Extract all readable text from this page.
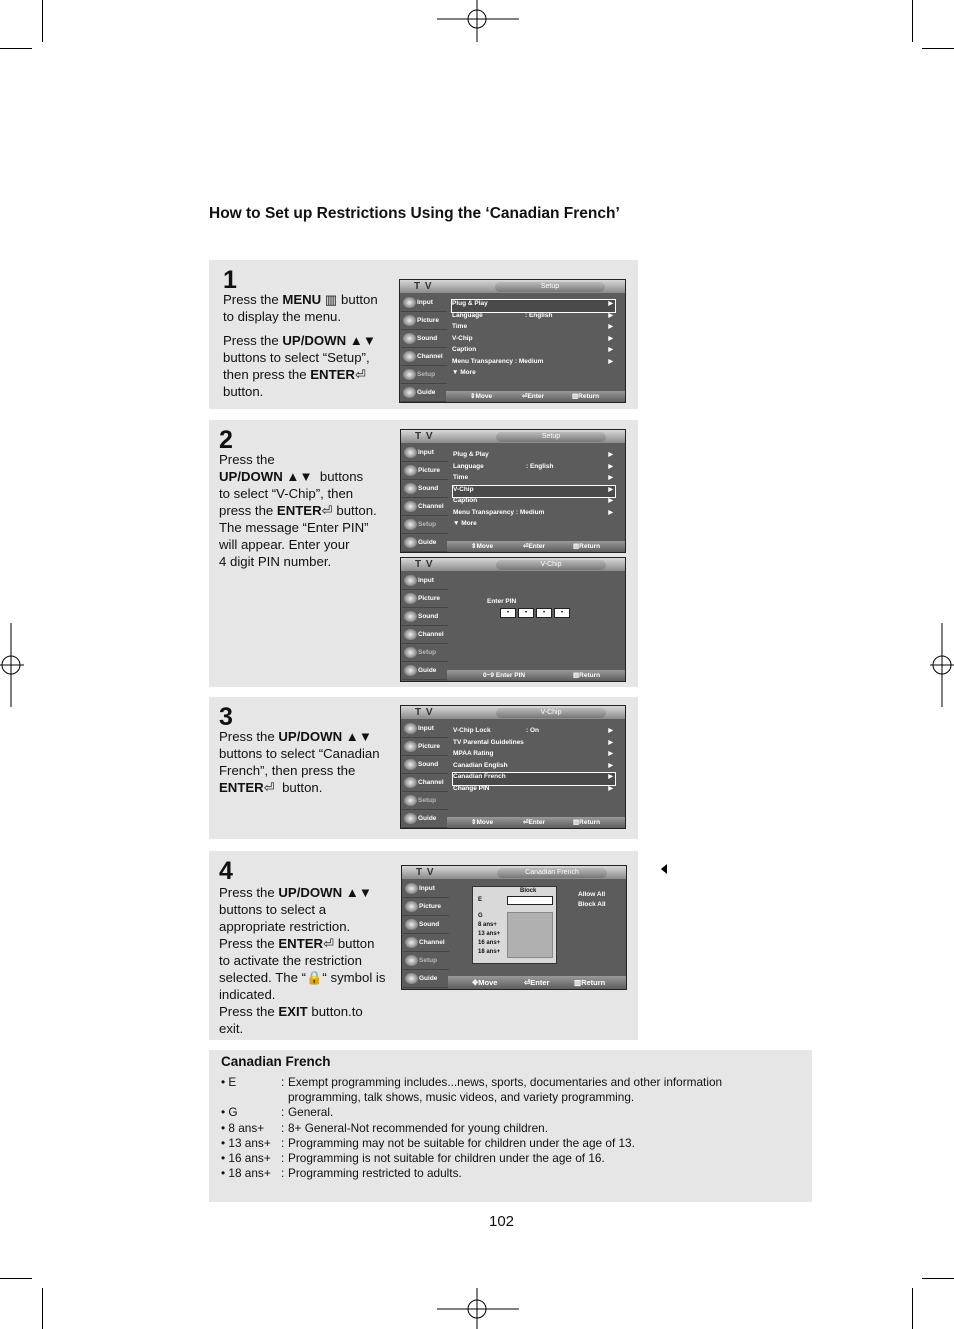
How to Set up Restrictions Using the ‘Canadian French’
1

Press the MENU ▥ button

to display the menu.

Press the UP/DOWN ▲▼

buttons to select “Setup”,

then press the ENTER⏎

button.

T V	Setup
Input
Picture
Sound
Channel
Setup
Guide
Plug & Play	▶
Language	: English	▶
Time	▶
V-Chip	▶
Caption	▶
Menu Transparency : Medium	▶
▼ More
⇕ Move	⏎ Enter	▥ Return
2

Press the

UP/DOWN ▲▼ buttons

to select “V-Chip”, then

press the ENTER⏎ button.

The message “Enter PIN”

will appear. Enter your

4 digit PIN number.

T V	Setup
Input
Picture
Sound
Channel
Setup
Guide
Plug & Play	▶
Language	: English	▶
Time	▶
V-Chip	▶
Caption	▶
Menu Transparency : Medium	▶
▼ More
⇕ Move	⏎ Enter	▥ Return
T V	V-Chip
Input
Picture
Sound
Channel
Setup
Guide
Enter PIN
•	•	•	•
0~9 Enter PIN	▥ Return
3

Press the UP/DOWN ▲▼

buttons to select “Canadian

French”, then press the

ENTER⏎ button.

T V	V-Chip
Input
Picture
Sound
Channel
Setup
Guide
V-Chip Lock	: On	▶
TV Parental Guidelines	▶
MPAA Rating	▶
Canadian English	▶
Canadian French	▶
Change PIN	▶
⇕ Move	⏎ Enter	▥ Return
4

Press the UP/DOWN ▲▼

buttons to select a

appropriate restriction.

Press the ENTER⏎ button

to activate the restriction

selected. The “🔒“ symbol is

indicated.

Press the EXIT button.to

exit.

T V	Canadian French
Input
Picture
Sound
Channel
Setup
Guide
Block
E
G
8 ans+
13 ans+
16 ans+
18 ans+
Allow All
Block All
✥ Move	⏎ Enter	▥ Return
Canadian French
• E	: Exempt programming includes...news, sports, documentaries and other information
programming, talk shows, music videos, and variety programming.
• G	: General.
• 8 ans+	: 8+ General-Not recommended for young children.
• 13 ans+ : Programming may not be suitable for children under the age of 13.
• 16 ans+ : Programming is not suitable for children under the age of 16.
• 18 ans+ : Programming restricted to adults.
102
